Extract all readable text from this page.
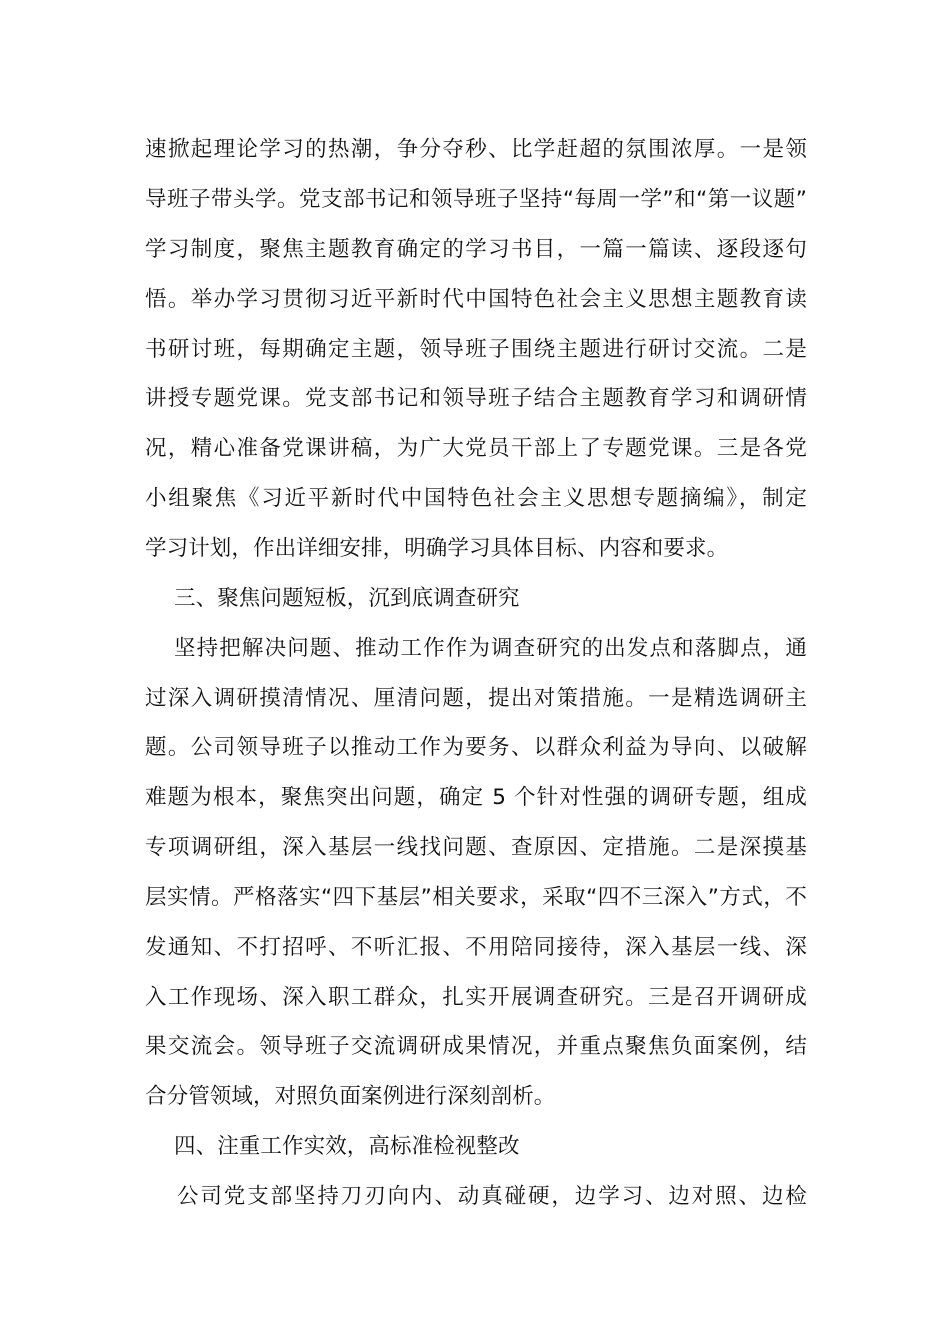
速掀起理论学习的热潮，争分夺秒、比学赶超的氛围浓厚。一是领
导班子带头学。党支部书记和领导班子坚持“每周一学”和“第一议题”
学习制度，聚焦主题教育确定的学习书目，一篇一篇读、逐段逐句
悟。举办学习贯彻习近平新时代中国特色社会主义思想主题教育读
书研讨班，每期确定主题，领导班子围绕主题进行研讨交流。二是
讲授专题党课。党支部书记和领导班子结合主题教育学习和调研情
况，精心准备党课讲稿，为广大党员干部上了专题党课。三是各党
小组聚焦《习近平新时代中国特色社会主义思想专题摘编》，制定
学习计划，作出详细安排，明确学习具体目标、内容和要求。
三、聚焦问题短板，沉到底调查研究
坚持把解决问题、推动工作作为调查研究的出发点和落脚点，通
过深入调研摸清情况、厘清问题，提出对策措施。一是精选调研主
题。公司领导班子以推动工作为要务、以群众利益为导向、以破解
难题为根本，聚焦突出问题，确定 5 个针对性强的调研专题，组成
专项调研组，深入基层一线找问题、查原因、定措施。二是深摸基
层实情。严格落实“四下基层”相关要求，采取“四不三深入”方式，不
发通知、不打招呼、不听汇报、不用陪同接待，深入基层一线、深
入工作现场、深入职工群众，扎实开展调查研究。三是召开调研成
果交流会。领导班子交流调研成果情况，并重点聚焦负面案例，结
合分管领域，对照负面案例进行深刻剖析。
四、注重工作实效，高标准检视整改
公司党支部坚持刀刃向内、动真碰硬，边学习、边对照、边检
